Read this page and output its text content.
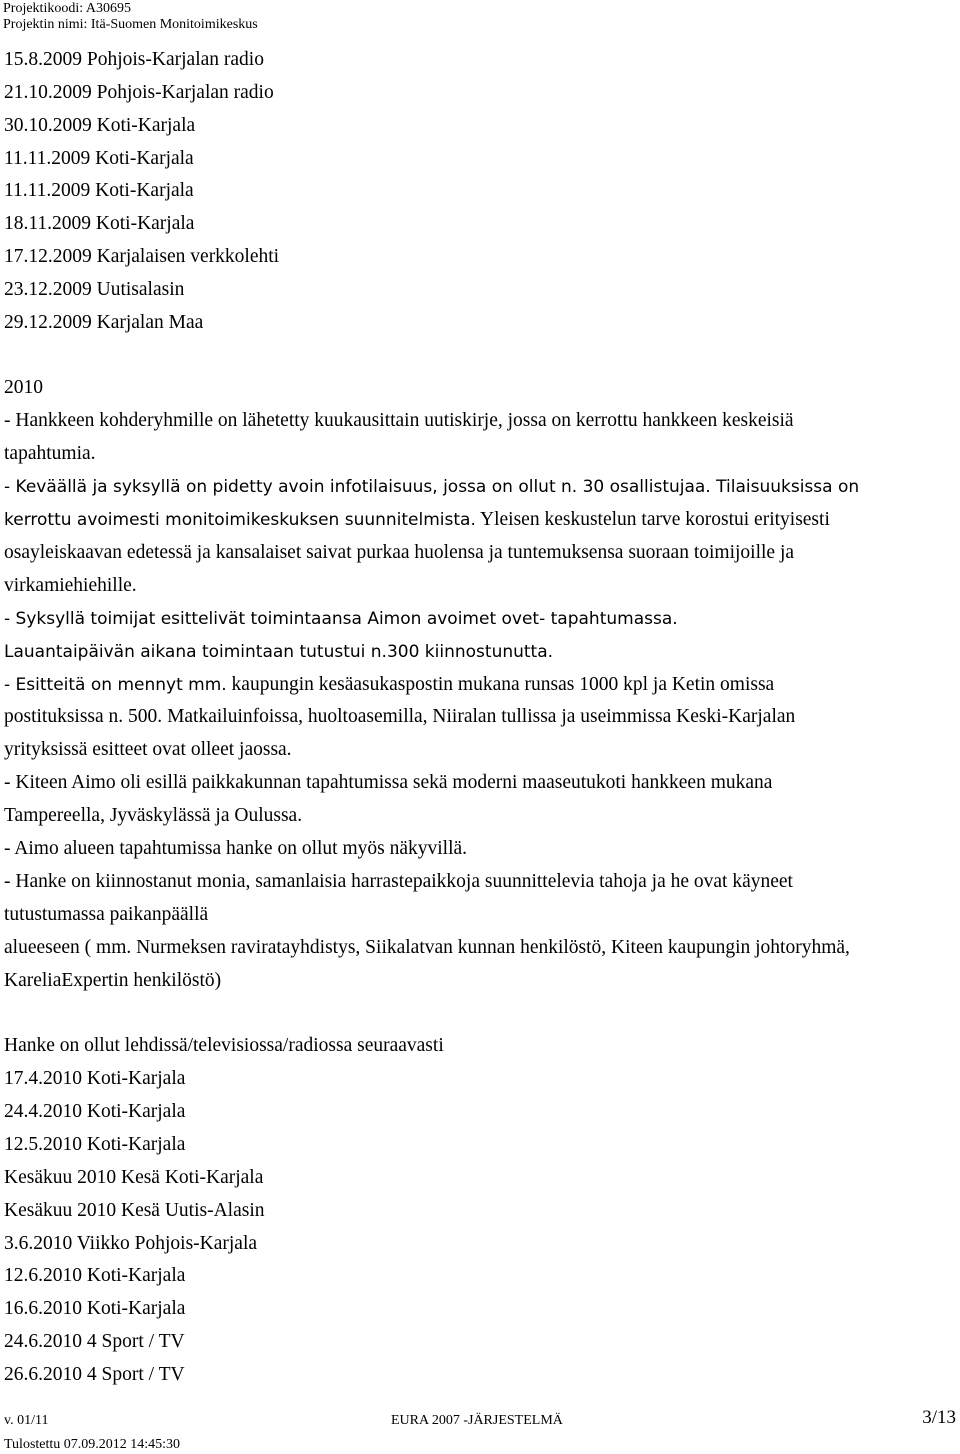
Projektikoodi: A30695
Projektin nimi: Itä-Suomen Monitoimikeskus
15.8.2009 Pohjois-Karjalan radio
21.10.2009 Pohjois-Karjalan radio
30.10.2009 Koti-Karjala
11.11.2009 Koti-Karjala
11.11.2009 Koti-Karjala
18.11.2009 Koti-Karjala
17.12.2009 Karjalaisen verkkolehti
23.12.2009 Uutisalasin
29.12.2009 Karjalan Maa
2010
- Hankkeen kohderyhmille on lähetetty kuukausittain uutiskirje, jossa on kerrottu hankkeen keskeisiä
tapahtumia.
- Keväällä ja syksyllä on pidetty avoin infotilaisuus, jossa on ollut n. 30 osallistujaa. Tilaisuuksissa on
kerrottu avoimesti monitoimikeskuksen suunnitelmista. Yleisen keskustelun tarve korostui erityisesti
osayleiskaavan edetessä ja kansalaiset saivat purkaa huolensa ja tuntemuksensa suoraan toimijoille ja
virkamiehiehille.
- Syksyllä toimijat esittelivät toimintaansa Aimon avoimet ovet- tapahtumassa.
Lauantaipäivän aikana toimintaan tutustui n.300 kiinnostunutta.
- Esitteitä on mennyt mm. kaupungin kesäasukaspostin mukana runsas 1000 kpl ja Ketin omissa
postituksissa n. 500. Matkailuinfoissa, huoltoasemilla, Niiralan tullissa ja useimmissa Keski-Karjalan
yrityksissä esitteet ovat olleet jaossa.
- Kiteen Aimo oli esillä paikkakunnan tapahtumissa sekä moderni maaseutukoti hankkeen mukana
Tampereella, Jyväskylässä ja Oulussa.
- Aimo alueen tapahtumissa hanke on ollut myös näkyvillä.
- Hanke on kiinnostanut monia, samanlaisia harrastepaikkoja suunnittelevia tahoja ja he ovat käyneet
tutustumassa paikanpäällä
alueeseen ( mm. Nurmeksen raviratayhdistys, Siikalatvan kunnan henkilöstö, Kiteen kaupungin johtoryhmä,
KareliaExpertin henkilöstö)
Hanke on ollut lehdissä/televisiossa/radiossa seuraavasti
17.4.2010 Koti-Karjala
24.4.2010 Koti-Karjala
12.5.2010 Koti-Karjala
Kesäkuu 2010 Kesä Koti-Karjala
Kesäkuu 2010 Kesä Uutis-Alasin
3.6.2010 Viikko Pohjois-Karjala
12.6.2010 Koti-Karjala
16.6.2010 Koti-Karjala
24.6.2010 4 Sport / TV
26.6.2010 4 Sport / TV
v. 01/11	EURA 2007 -JÄRJESTELMÄ	3/13
Tulostettu 07.09.2012 14:45:30
